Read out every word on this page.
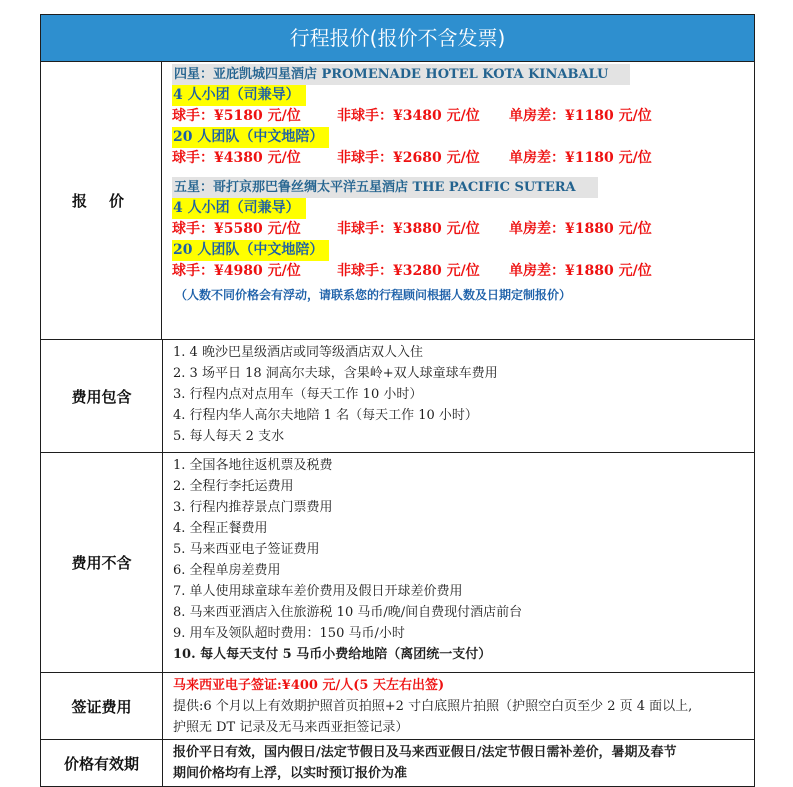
行程报价(报价不含发票)
报价
四星：亚庇凯城四星酒店 PROMENADE HOTEL KOTA KINABALU
4 人小团（司兼导）
球手：¥5180 元/位	非球手：¥3480 元/位 单房差：¥1180 元/位
20 人团队（中文地陪）
球手：¥4380 元/位	非球手：¥2680 元/位 单房差：¥1180 元/位
五星：哥打京那巴鲁丝绸太平洋五星酒店 THE PACIFIC SUTERA
4 人小团（司兼导）
球手：¥5580 元/位	非球手：¥3880 元/位 单房差：¥1880 元/位
20 人团队（中文地陪）
球手：¥4980 元/位	非球手：¥3280 元/位 单房差：¥1880 元/位
（人数不同价格会有浮动，请联系您的行程顾问根据人数及日期定制报价）
费用包含
1. 4 晚沙巴星级酒店或同等级酒店双人入住
2. 3 场平日 18 洞高尔夫球，含果岭+双人球童球车费用
3. 行程内点对点用车（每天工作 10 小时）
4. 行程内华人高尔夫地陪 1 名（每天工作 10 小时）
5. 每人每天 2 支水
费用不含
1. 全国各地往返机票及税费
2. 全程行李托运费用
3. 行程内推荐景点门票费用
4. 全程正餐费用
5. 马来西亚电子签证费用
6. 全程单房差费用
7. 单人使用球童球车差价费用及假日开球差价费用
8. 马来西亚酒店入住旅游税 10 马币/晚/间自费现付酒店前台
9. 用车及领队超时费用：150 马币/小时
10. 每人每天支付 5 马币小费给地陪（离团统一支付）
签证费用
马来西亚电子签证:¥400 元/人(5 天左右出签)
提供:6 个月以上有效期护照首页拍照+2 寸白底照片拍照（护照空白页至少 2 页 4 面以上,
护照无 DT 记录及无马来西亚拒签记录）
价格有效期
报价平日有效，国内假日/法定节假日及马来西亚假日/法定节假日需补差价，暑期及春节
期间价格均有上浮，以实时预订报价为准
